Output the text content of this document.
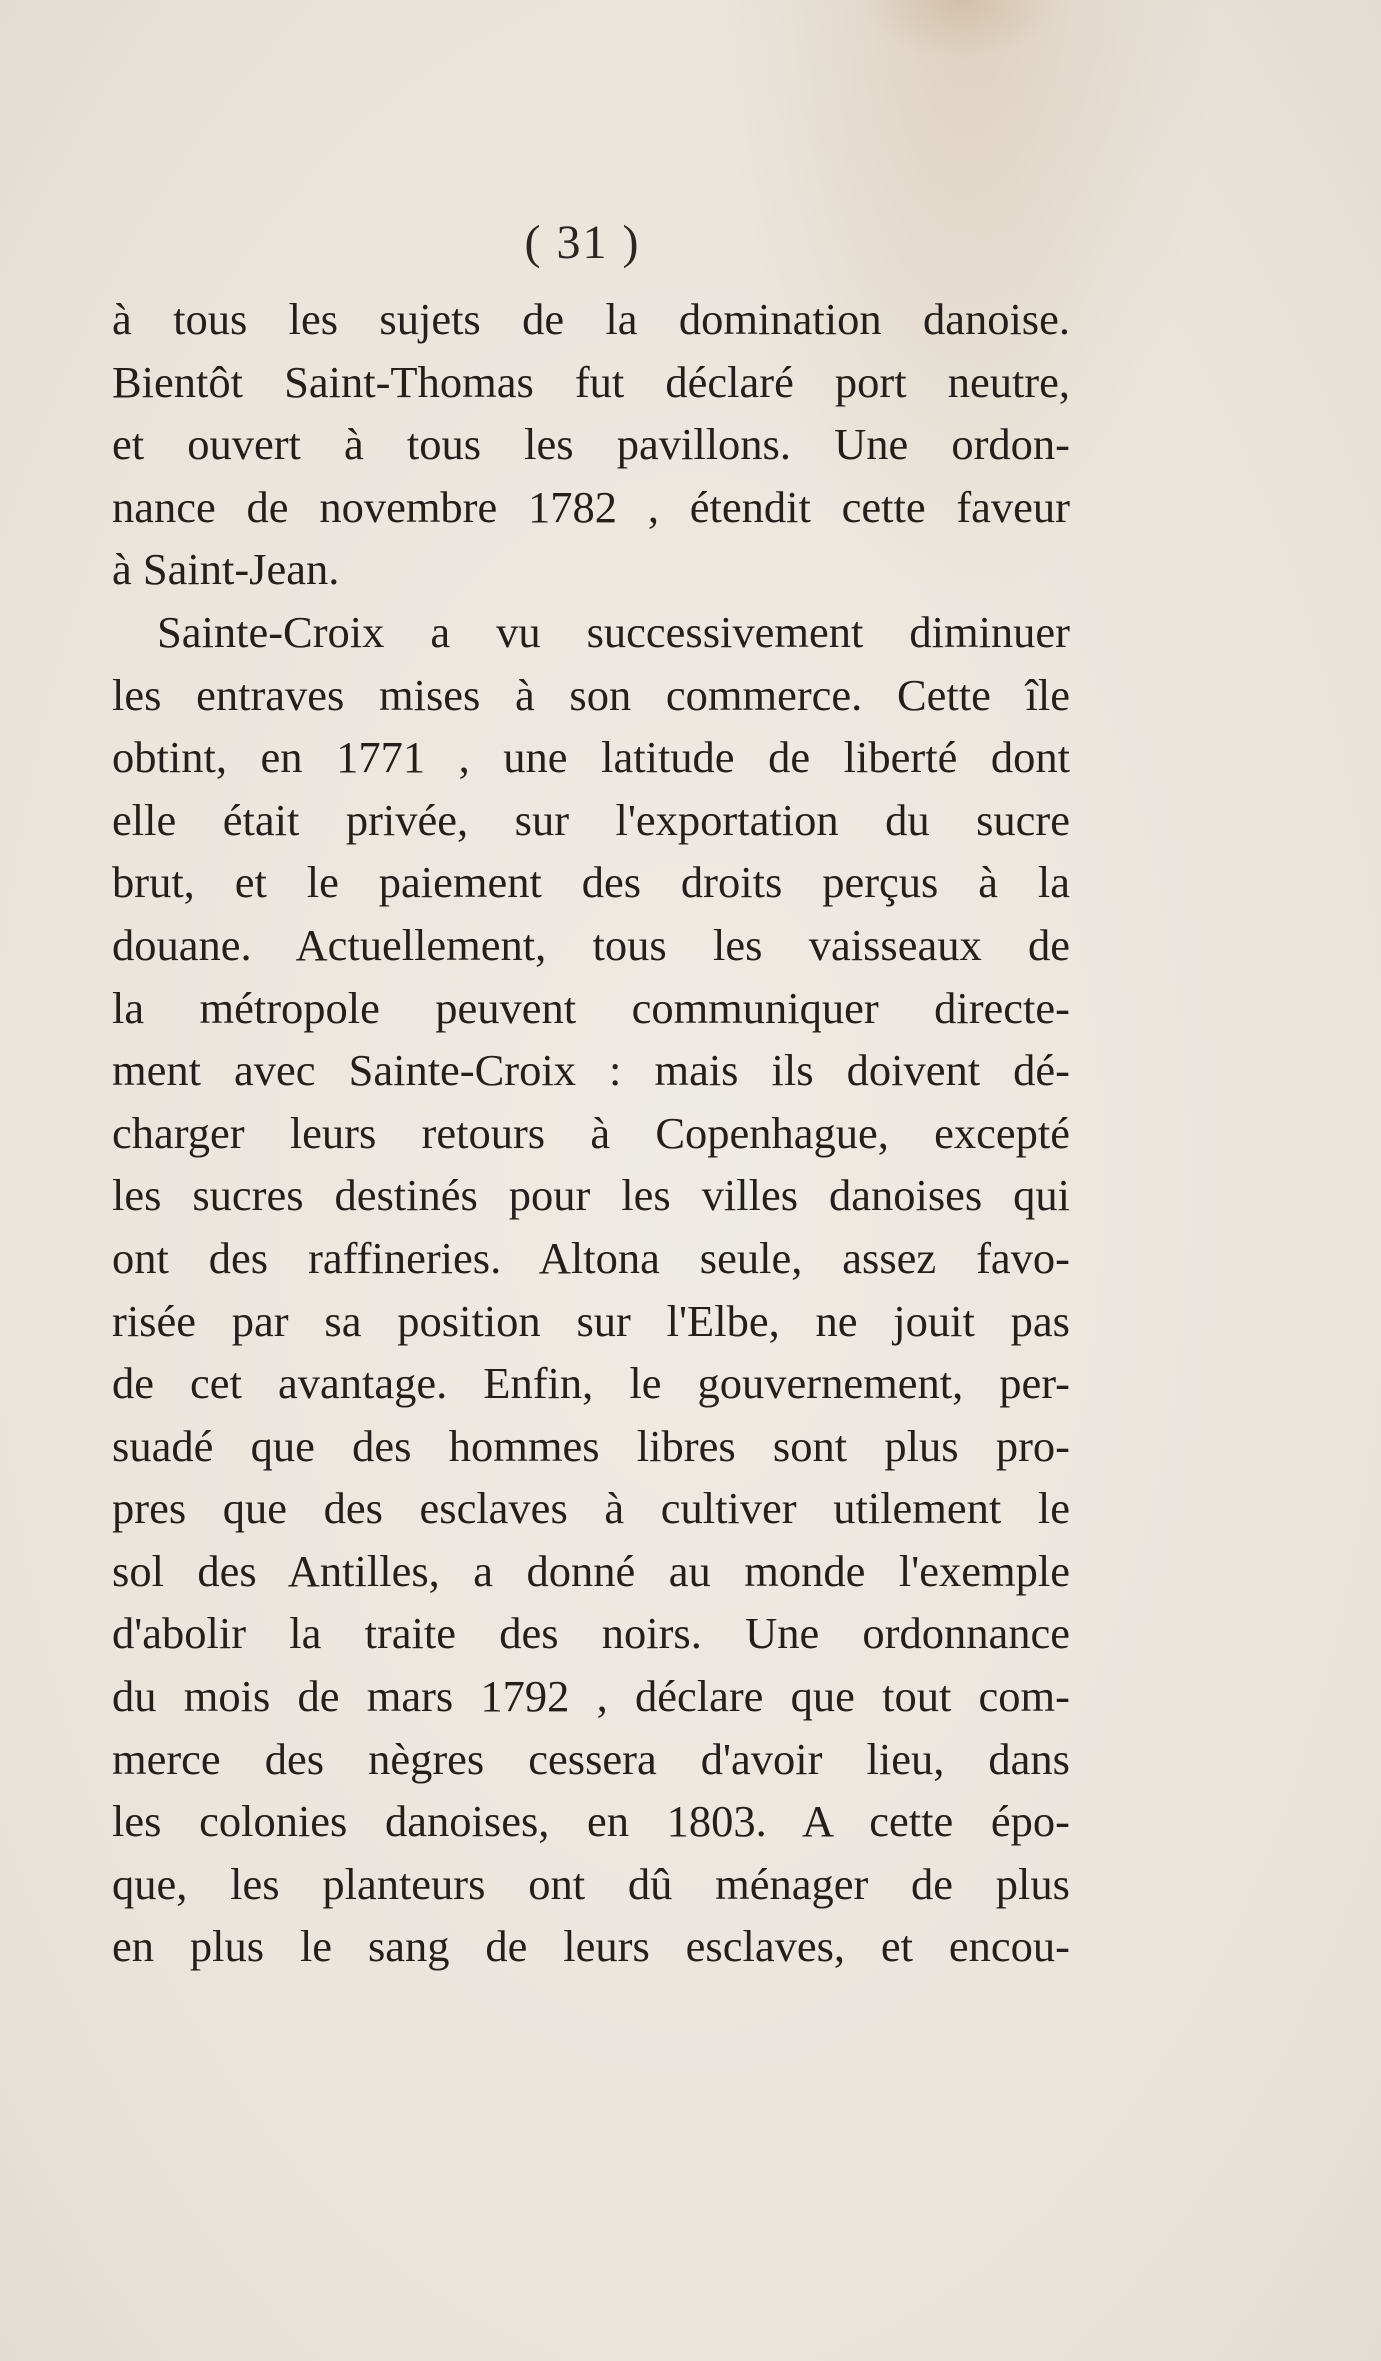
( 31 )
à tous les sujets de la domination danoise.
Bientôt Saint-Thomas fut déclaré port neutre,
et ouvert à tous les pavillons. Une ordon-
nance de novembre 1782 , étendit cette faveur
à Saint-Jean.
Sainte-Croix a vu successivement diminuer
les entraves mises à son commerce. Cette île
obtint, en 1771 , une latitude de liberté dont
elle était privée, sur l'exportation du sucre
brut, et le paiement des droits perçus à la
douane. Actuellement, tous les vaisseaux de
la métropole peuvent communiquer directe-
ment avec Sainte-Croix : mais ils doivent dé-
charger leurs retours à Copenhague, excepté
les sucres destinés pour les villes danoises qui
ont des raffineries. Altona seule, assez favo-
risée par sa position sur l'Elbe, ne jouit pas
de cet avantage. Enfin, le gouvernement, per-
suadé que des hommes libres sont plus pro-
pres que des esclaves à cultiver utilement le
sol des Antilles, a donné au monde l'exemple
d'abolir la traite des noirs. Une ordonnance
du mois de mars 1792 , déclare que tout com-
merce des nègres cessera d'avoir lieu, dans
les colonies danoises, en 1803. A cette épo-
que, les planteurs ont dû ménager de plus
en plus le sang de leurs esclaves, et encou-
